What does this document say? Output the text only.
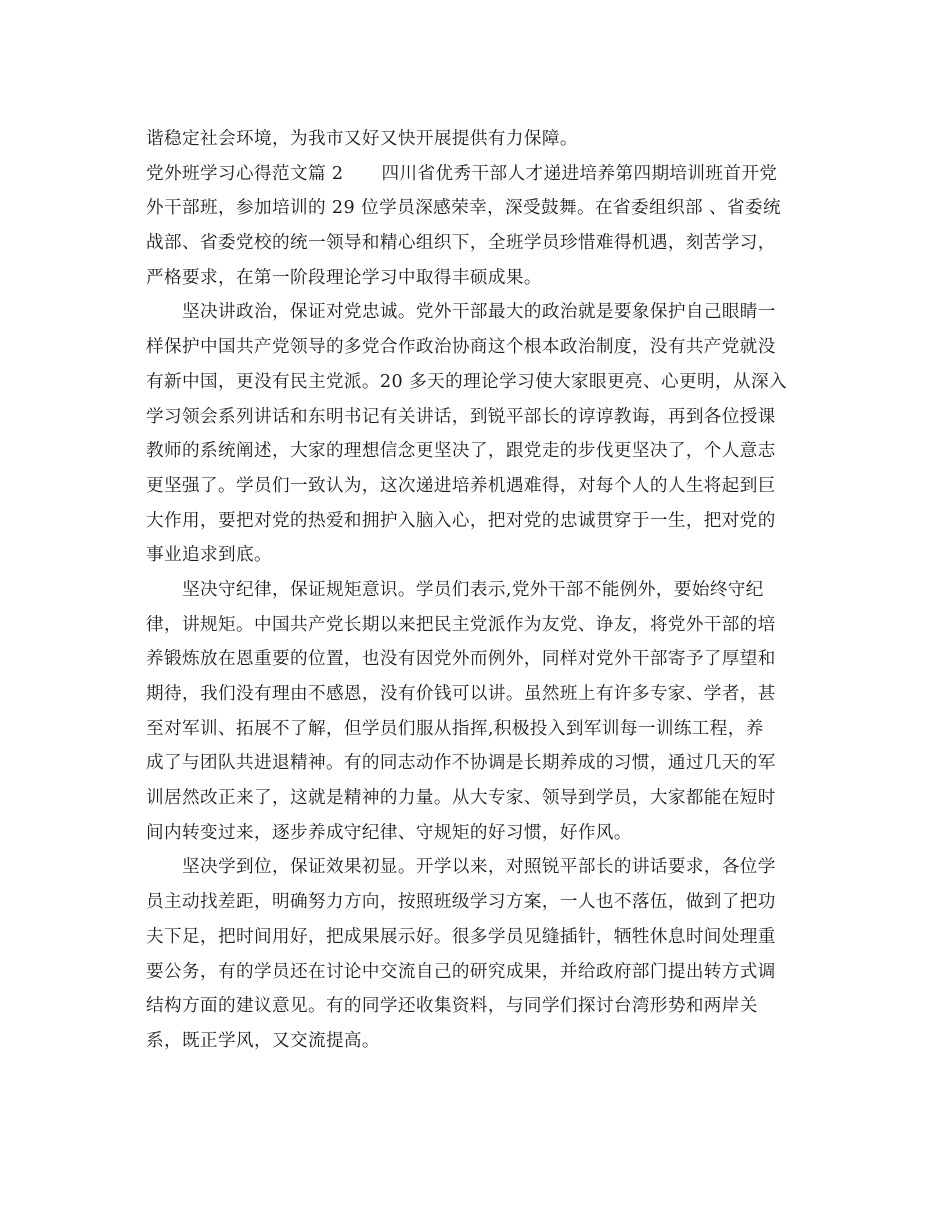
谐稳定社会环境，为我市又好又快开展提供有力保障。
党外班学习心得范文篇 2 四川省优秀干部人才递进培养第四期培训班首开党
外干部班，参加培训的 29 位学员深感荣幸，深受鼓舞。在省委组织部 、省委统
战部、省委党校的统一领导和精心组织下，全班学员珍惜难得机遇，刻苦学习，
严格要求，在第一阶段理论学习中取得丰硕成果。
坚决讲政治，保证对党忠诚。党外干部最大的政治就是要象保护自己眼睛一
样保护中国共产党领导的多党合作政治协商这个根本政治制度，没有共产党就没
有新中国，更没有民主党派。20 多天的理论学习使大家眼更亮、心更明，从深入
学习领会系列讲话和东明书记有关讲话，到锐平部长的谆谆教诲，再到各位授课
教师的系统阐述，大家的理想信念更坚决了，跟党走的步伐更坚决了，个人意志
更坚强了。学员们一致认为，这次递进培养机遇难得，对每个人的人生将起到巨
大作用，要把对党的热爱和拥护入脑入心，把对党的忠诚贯穿于一生，把对党的
事业追求到底。
坚决守纪律，保证规矩意识。学员们表示,党外干部不能例外，要始终守纪
律，讲规矩。中国共产党长期以来把民主党派作为友党、诤友，将党外干部的培
养锻炼放在恩重要的位置，也没有因党外而例外，同样对党外干部寄予了厚望和
期待，我们没有理由不感恩，没有价钱可以讲。虽然班上有许多专家、学者，甚
至对军训、拓展不了解，但学员们服从指挥,积极投入到军训每一训练工程，养
成了与团队共进退精神。有的同志动作不协调是长期养成的习惯，通过几天的军
训居然改正来了，这就是精神的力量。从大专家、领导到学员，大家都能在短时
间内转变过来，逐步养成守纪律、守规矩的好习惯，好作风。
坚决学到位，保证效果初显。开学以来，对照锐平部长的讲话要求，各位学
员主动找差距，明确努力方向，按照班级学习方案，一人也不落伍，做到了把功
夫下足，把时间用好，把成果展示好。很多学员见缝插针，牺牲休息时间处理重
要公务，有的学员还在讨论中交流自己的研究成果，并给政府部门提出转方式调
结构方面的建议意见。有的同学还收集资料，与同学们探讨台湾形势和两岸关
系，既正学风，又交流提高。
